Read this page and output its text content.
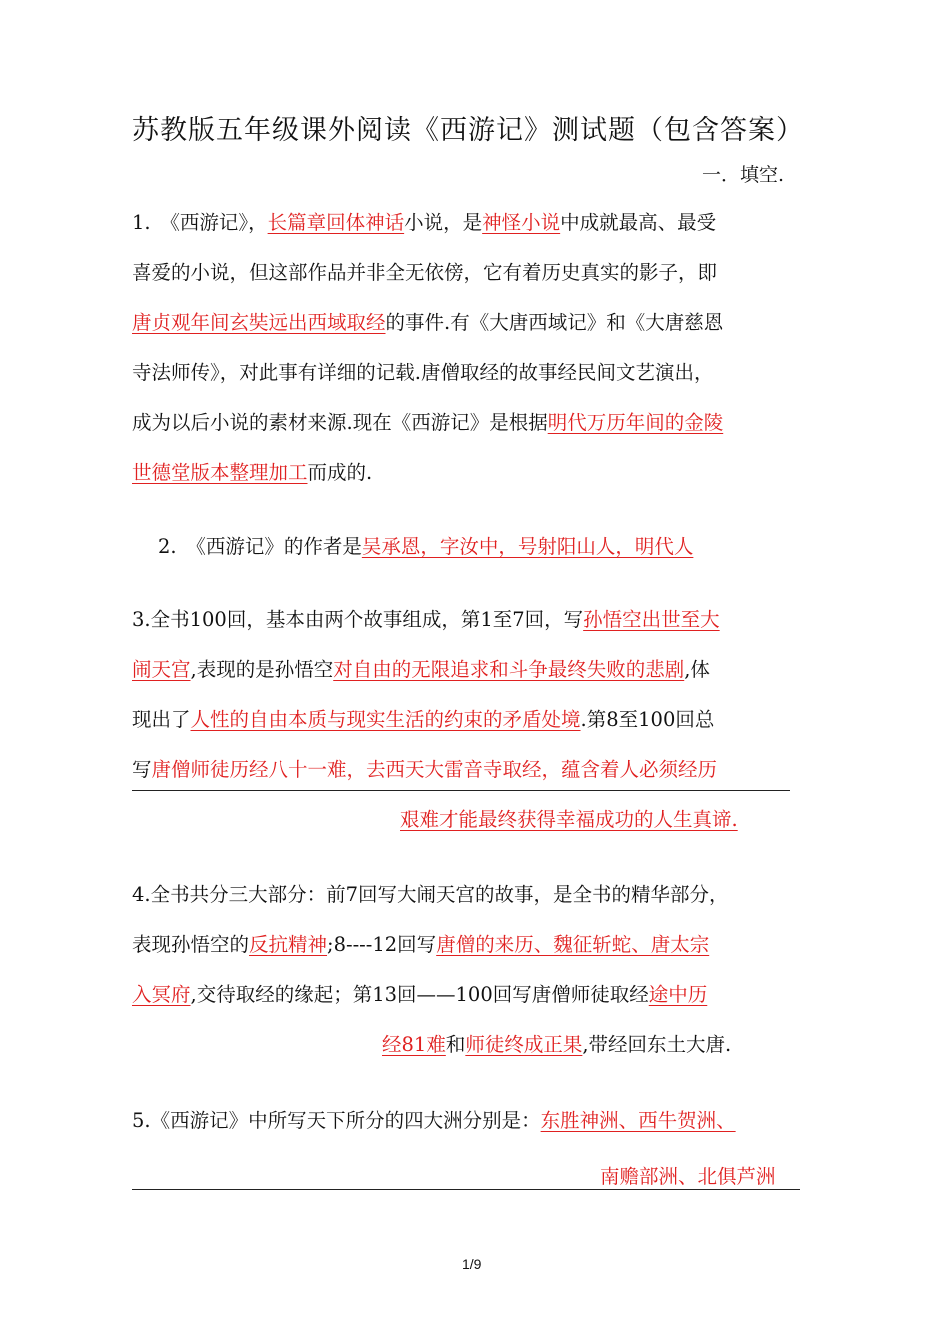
苏教版五年级课外阅读《西游记》测试题（包含答案）
一．填空.
1.　《西游记》，长篇章回体神话小说，是神怪小说中成就最高、最受
喜爱的小说，但这部作品并非全无依傍，它有着历史真实的影子，即
唐贞观年间玄奘远出西域取经的事件.有《大唐西域记》和《大唐慈恩
寺法师传》，对此事有详细的记载.唐僧取经的故事经民间文艺演出，
成为以后小说的素材来源.现在《西游记》是根据明代万历年间的金陵
世德堂版本整理加工而成的.
2.　《西游记》的作者是吴承恩，字汝中，号射阳山人，明代人
3.全书100回，基本由两个故事组成，第1至7回，写孙悟空出世至大
闹天宫,表现的是孙悟空对自由的无限追求和斗争最终失败的悲剧,体
现出了人性的自由本质与现实生活的约束的矛盾处境.第8至100回总
写唐僧师徒历经八十一难，去西天大雷音寺取经，蕴含着人必须经历
艰难才能最终获得幸福成功的人生真谛.
4.全书共分三大部分：前7回写大闹天宫的故事，是全书的精华部分，
表现孙悟空的反抗精神;8----12回写唐僧的来历、魏征斩蛇、唐太宗
入冥府,交待取经的缘起；第13回——100回写唐僧师徒取经途中历
经81难和师徒终成正果,带经回东土大唐.
5.《西游记》中所写天下所分的四大洲分别是：东胜神洲、西牛贺洲、
南赡部洲、北俱芦洲
1/9
